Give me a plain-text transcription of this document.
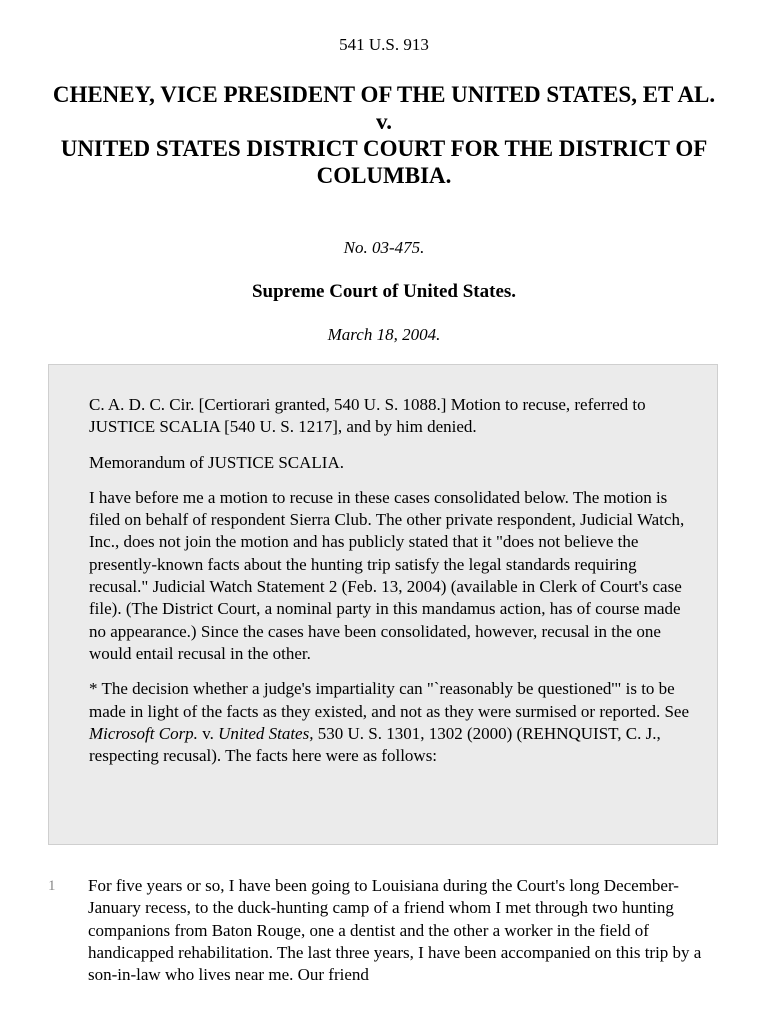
541 U.S. 913
CHENEY, VICE PRESIDENT OF THE UNITED STATES, ET AL.
v.
UNITED STATES DISTRICT COURT FOR THE DISTRICT OF COLUMBIA.
No. 03-475.
Supreme Court of United States.
March 18, 2004.

C. A. D. C. Cir. [Certiorari granted, 540 U. S. 1088.] Motion to recuse, referred to JUSTICE SCALIA [540 U. S. 1217], and by him denied.

Memorandum of JUSTICE SCALIA.

I have before me a motion to recuse in these cases consolidated below. The motion is filed on behalf of respondent Sierra Club. The other private respondent, Judicial Watch, Inc., does not join the motion and has publicly stated that it "does not believe the presently-known facts about the hunting trip satisfy the legal standards requiring recusal." Judicial Watch Statement 2 (Feb. 13, 2004) (available in Clerk of Court's case file). (The District Court, a nominal party in this mandamus action, has of course made no appearance.) Since the cases have been consolidated, however, recusal in the one would entail recusal in the other.

* The decision whether a judge's impartiality can "`reasonably be questioned'" is to be made in light of the facts as they existed, and not as they were surmised or reported. See Microsoft Corp. v. United States, 530 U. S. 1301, 1302 (2000) (REHNQUIST, C. J., respecting recusal). The facts here were as follows:

1 For five years or so, I have been going to Louisiana during the Court's long December-January recess, to the duck-hunting camp of a friend whom I met through two hunting companions from Baton Rouge, one a dentist and the other a worker in the field of handicapped rehabilitation. The last three years, I have been accompanied on this trip by a son-in-law who lives near me. Our friend
